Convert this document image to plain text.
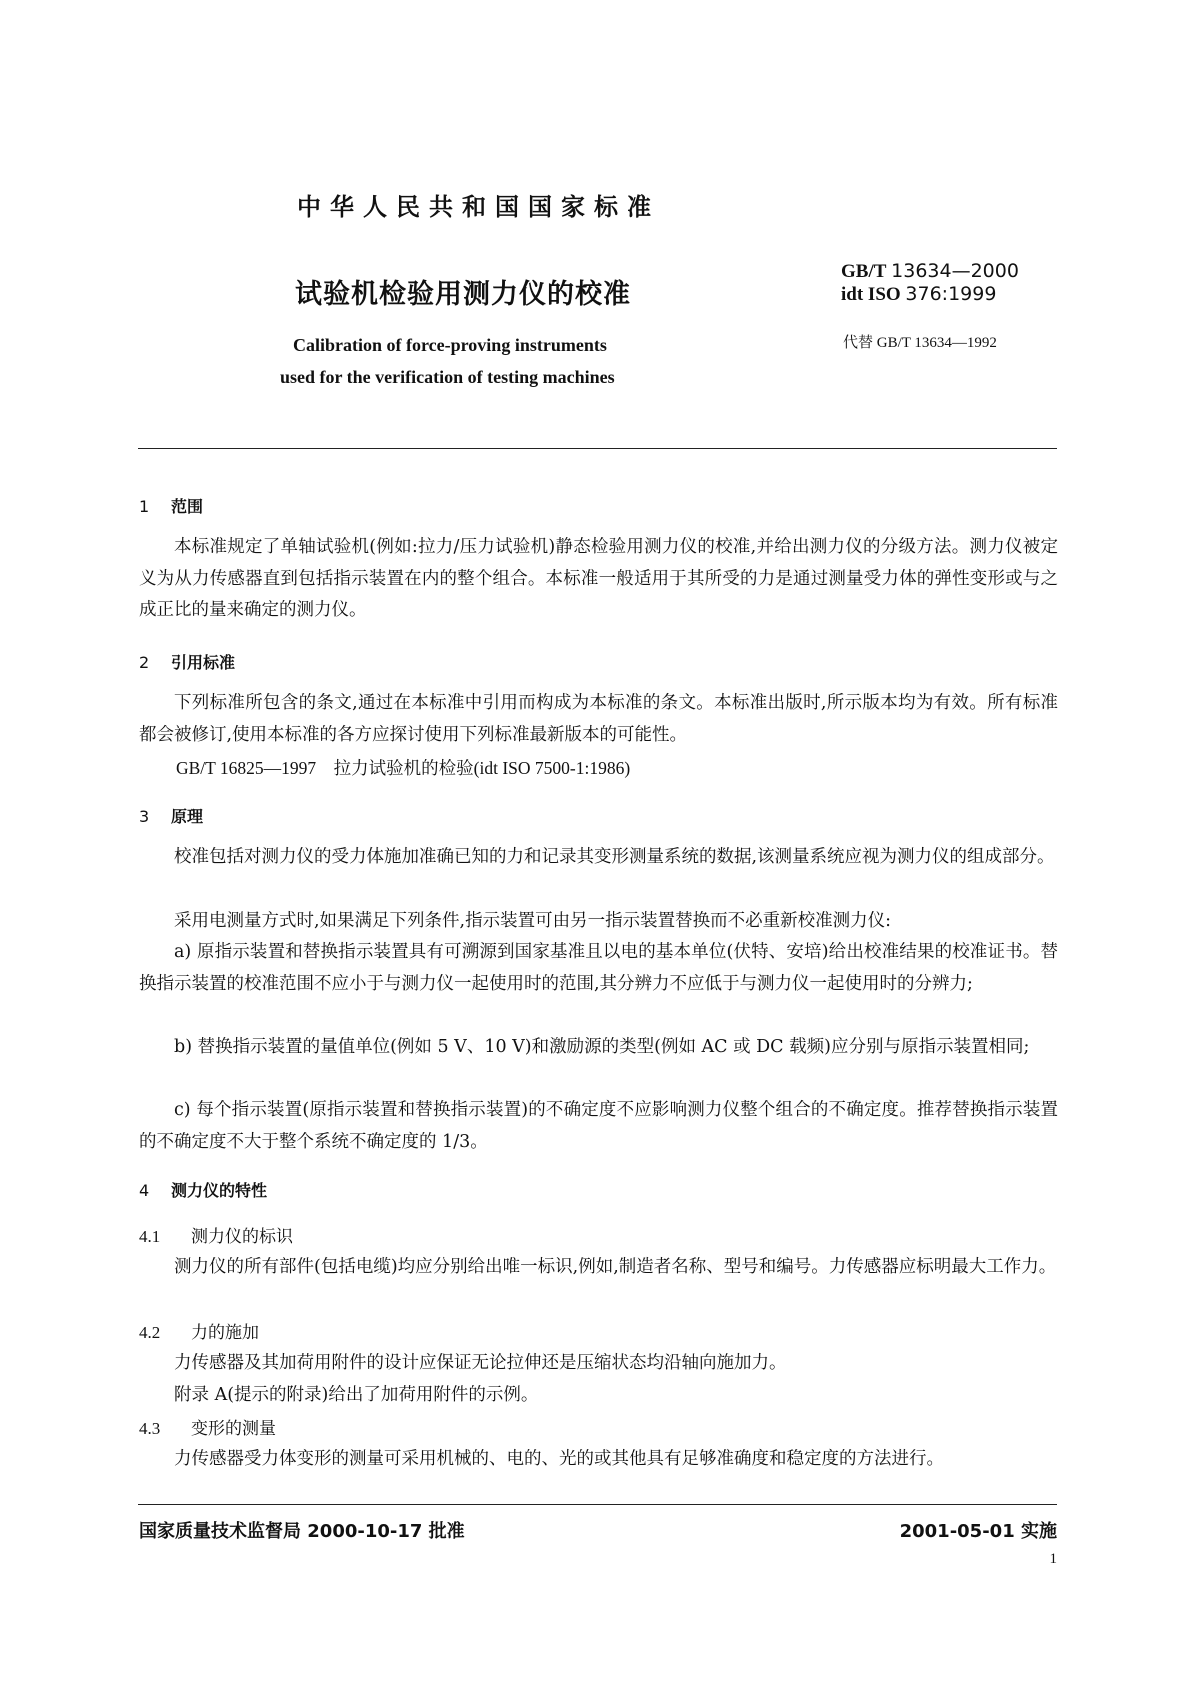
中华人民共和国国家标准
试验机检验用测力仪的校准
Calibration of force-proving instruments
used for the verification of testing machines
GB/T 13634—2000
idt ISO 376:1999
代替 GB/T 13634—1992
1 范围

本标准规定了单轴试验机(例如:拉力/压力试验机)静态检验用测力仪的校准,并给出测力仪的分级方法。测力仪被定义为从力传感器直到包括指示装置在内的整个组合。本标准一般适用于其所受的力是通过测量受力体的弹性变形或与之成正比的量来确定的测力仪。

2 引用标准

下列标准所包含的条文,通过在本标准中引用而构成为本标准的条文。本标准出版时,所示版本均为有效。所有标准都会被修订,使用本标准的各方应探讨使用下列标准最新版本的可能性。

GB/T 16825—1997　拉力试验机的检验(idt ISO 7500-1:1986)
3 原理

校准包括对测力仪的受力体施加准确已知的力和记录其变形测量系统的数据,该测量系统应视为测力仪的组成部分。

采用电测量方式时,如果满足下列条件,指示装置可由另一指示装置替换而不必重新校准测力仪:

a) 原指示装置和替换指示装置具有可溯源到国家基准且以电的基本单位(伏特、安培)给出校准结果的校准证书。替换指示装置的校准范围不应小于与测力仪一起使用时的范围,其分辨力不应低于与测力仪一起使用时的分辨力;

b) 替换指示装置的量值单位(例如 5 V、10 V)和激励源的类型(例如 AC 或 DC 载频)应分别与原指示装置相同;

c) 每个指示装置(原指示装置和替换指示装置)的不确定度不应影响测力仪整个组合的不确定度。推荐替换指示装置的不确定度不大于整个系统不确定度的 1/3。

4 测力仪的特性
4.1 测力仪的标识

测力仪的所有部件(包括电缆)均应分别给出唯一标识,例如,制造者名称、型号和编号。力传感器应标明最大工作力。

4.2 力的施加

力传感器及其加荷用附件的设计应保证无论拉伸还是压缩状态均沿轴向施加力。

附录 A(提示的附录)给出了加荷用附件的示例。

4.3 变形的测量

力传感器受力体变形的测量可采用机械的、电的、光的或其他具有足够准确度和稳定度的方法进行。

国家质量技术监督局 2000-10-17 批准	2001-05-01 实施
1
